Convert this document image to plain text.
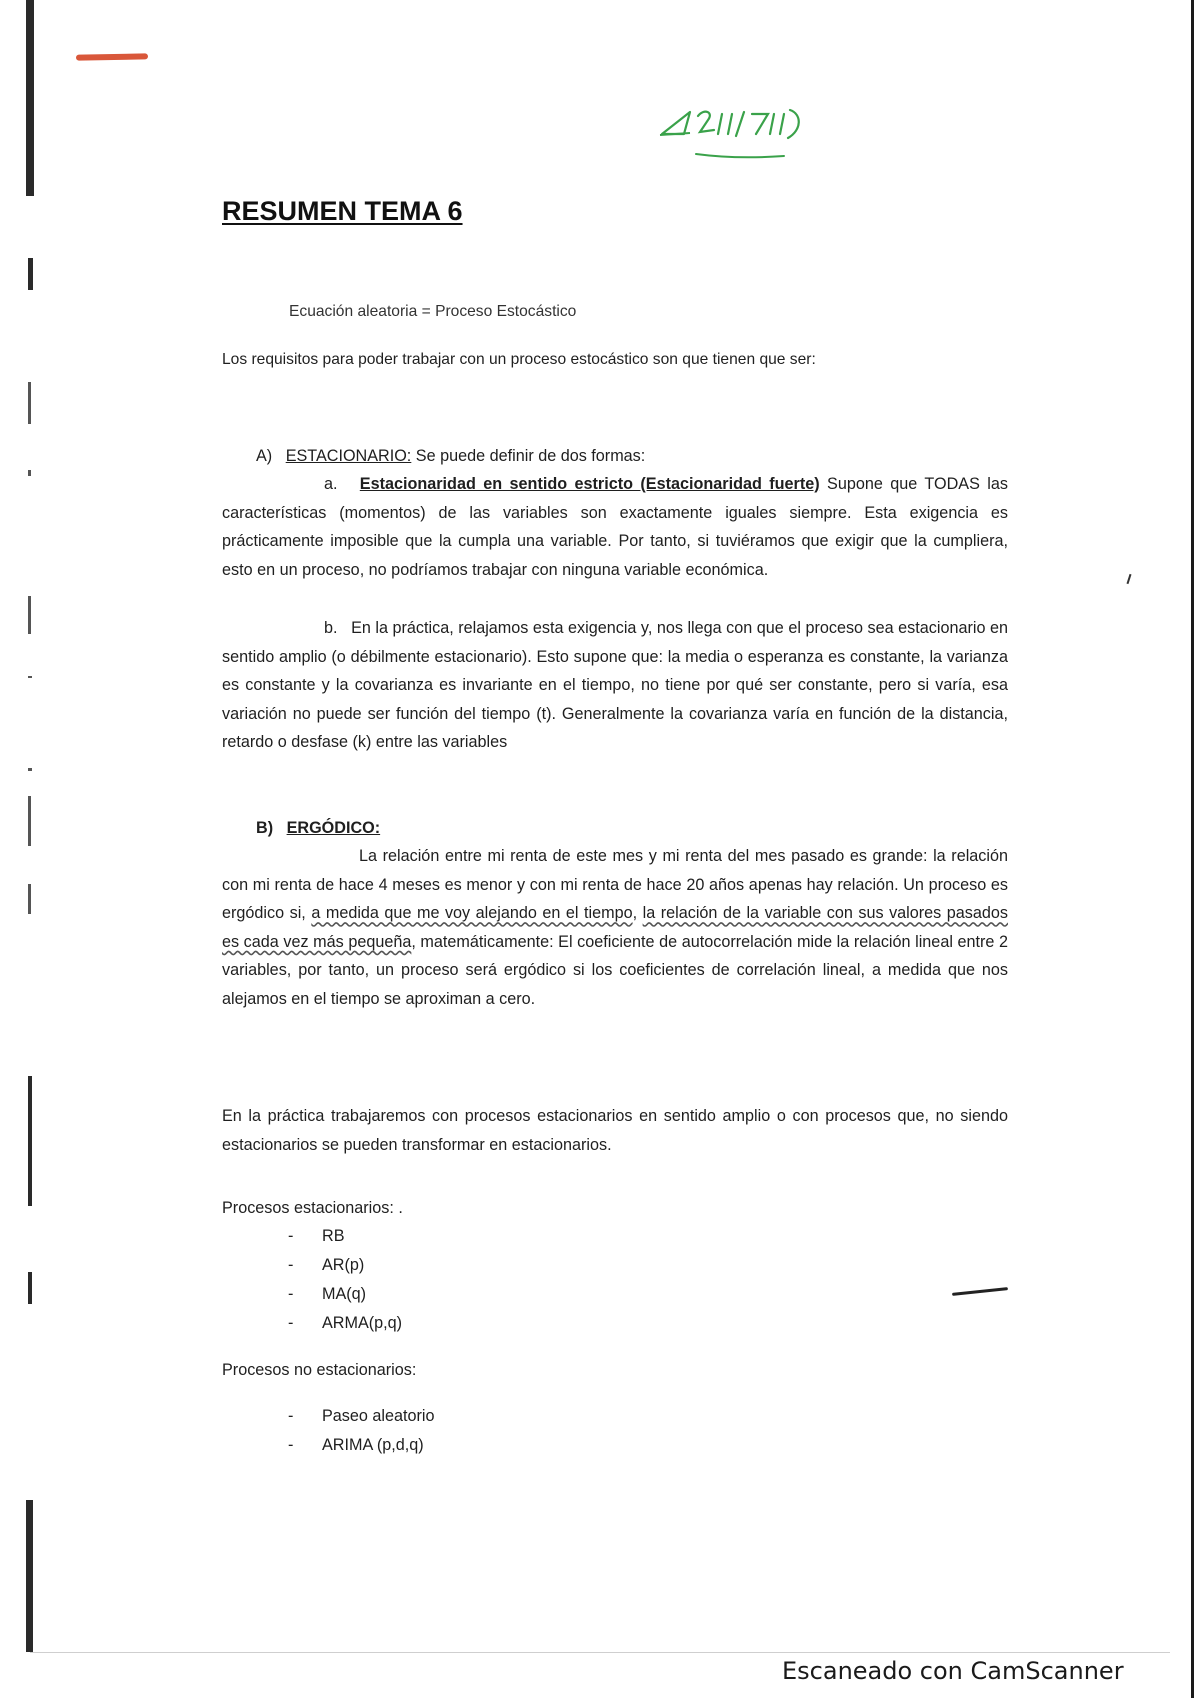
RESUMEN TEMA 6

Ecuación aleatoria = Proceso Estocástico

Los requisitos para poder trabajar con un proceso estocástico son que tienen que ser:

A) ESTACIONARIO: Se puede definir de dos formas:

a. Estacionaridad en sentido estricto (Estacionaridad fuerte) Supone que TODAS las características (momentos) de las variables son exactamente iguales siempre. Esta exigencia es prácticamente imposible que la cumpla una variable. Por tanto, si tuviéramos que exigir que la cumpliera, esto en un proceso, no podríamos trabajar con ninguna variable económica.

b. En la práctica, relajamos esta exigencia y, nos llega con que el proceso sea estacionario en sentido amplio (o débilmente estacionario). Esto supone que: la media o esperanza es constante, la varianza es constante y la covarianza es invariante en el tiempo, no tiene por qué ser constante, pero si varía, esa variación no puede ser función del tiempo (t). Generalmente la covarianza varía en función de la distancia, retardo o desfase (k) entre las variables

B) ERGÓDICO:

La relación entre mi renta de este mes y mi renta del mes pasado es grande: la relación con mi renta de hace 4 meses es menor y con mi renta de hace 20 años apenas hay relación. Un proceso es ergódico si, a medida que me voy alejando en el tiempo, la relación de la variable con sus valores pasados es cada vez más pequeña, matemáticamente: El coeficiente de autocorrelación mide la relación lineal entre 2 variables, por tanto, un proceso será ergódico si los coeficientes de correlación lineal, a medida que nos alejamos en el tiempo se aproximan a cero.

En la práctica trabajaremos con procesos estacionarios en sentido amplio o con procesos que, no siendo estacionarios se pueden transformar en estacionarios.

Procesos estacionarios: .
- RB
- AR(p)
- MA(q)
- ARMA(p,q)
Procesos no estacionarios:
- Paseo aleatorio
- ARIMA (p,d,q)

Escaneado con CamScanner
